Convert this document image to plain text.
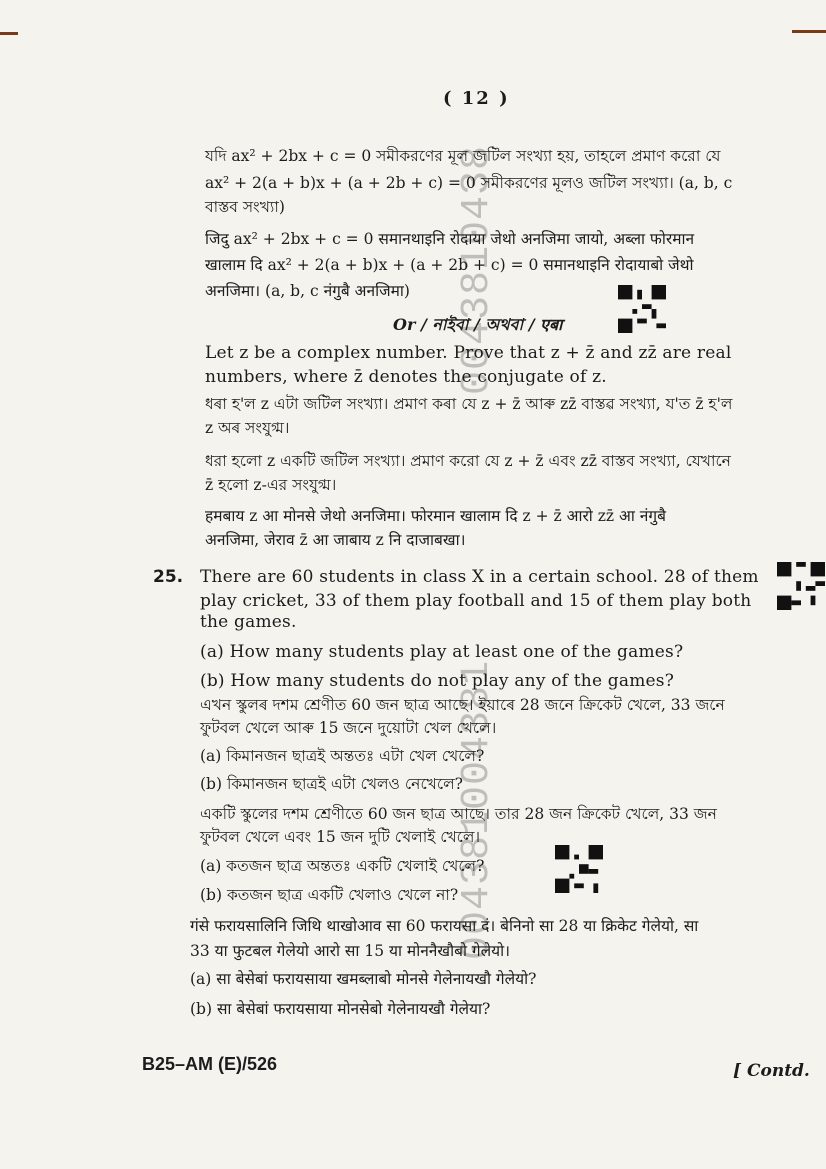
( 12 )
0043810438
004381004381
যদি ax² + 2bx + c = 0 সমীকরণের মূল জটিল সংখ্যা হয়, তাহলে প্রমাণ করো যে
ax² + 2(a + b)x + (a + 2b + c) = 0 সমীকরণের মূলও জটিল সংখ্যা। (a, b, c
বাস্তব সংখ্যা)
जिदु ax² + 2bx + c = 0 समानथाइनि रोदाया जेथो अनजिमा जायो, अब्ला फोरमान
खालाम दि ax² + 2(a + b)x + (a + 2b + c) = 0 समानथाइनि रोदायाबो जेथो
अनजिमा। (a, b, c नंगुबै अनजिमा)
Or / নাইবা / অথবা / एबा
Let z be a complex number. Prove that z + z̄ and zz̄ are real
numbers, where z̄ denotes the conjugate of z.
ধৰা হ'ল z এটা জটিল সংখ্যা। প্ৰমাণ কৰা যে z + z̄ আৰু zz̄ বাস্তৱ সংখ্যা, য'ত z̄ হ'ল
z অৰ সংযুগ্ম।
ধরা হলো z একটি জটিল সংখ্যা। প্রমাণ করো যে z + z̄ এবং zz̄ বাস্তব সংখ্যা, যেখানে
z̄ হলো z-এর সংযুগ্ম।
हमबाय z आ मोनसे जेथो अनजिमा। फोरमान खालाम दि z + z̄ आरो zz̄ आ नंगुबै
अनजिमा, जेराव z̄ आ जाबाय z नि दाजाबखा।
25. There are 60 students in class X in a certain school. 28 of them
play cricket, 33 of them play football and 15 of them play both
the games.
(a) How many students play at least one of the games?
(b) How many students do not play any of the games?
এখন স্কুলৰ দশম শ্ৰেণীত 60 জন ছাত্ৰ আছে। ইয়াৰে 28 জনে ক্ৰিকেট খেলে, 33 জনে
ফুটবল খেলে আৰু 15 জনে দুয়োটা খেল খেলে।
(a) কিমানজন ছাত্ৰই অন্ততঃ এটা খেল খেলে?
(b) কিমানজন ছাত্ৰই এটা খেলও নেখেলে?
একটি স্কুলের দশম শ্রেণীতে 60 জন ছাত্র আছে। তার 28 জন ক্রিকেট খেলে, 33 জন
ফুটবল খেলে এবং 15 জন দুটি খেলাই খেলে।
(a) কতজন ছাত্র অন্ততঃ একটি খেলাই খেলে?
(b) কতজন ছাত্র একটি খেলাও খেলে না?
गंसे फरायसालिनि जिथि थाखोआव सा 60 फरायसा दं। बेनिनो सा 28 या क्रिकेट गेलेयो, सा
33 या फुटबल गेलेयो आरो सा 15 या मोननैखौबो गेलेयो।
(a) सा बेसेबां फरायसाया खमब्लाबो मोनसे गेलेनायखौ गेलेयो?
(b) सा बेसेबां फरायसाया मोनसेबो गेलेनायखौ गेलेया?
B25–AM (E)/526	[ Contd.
